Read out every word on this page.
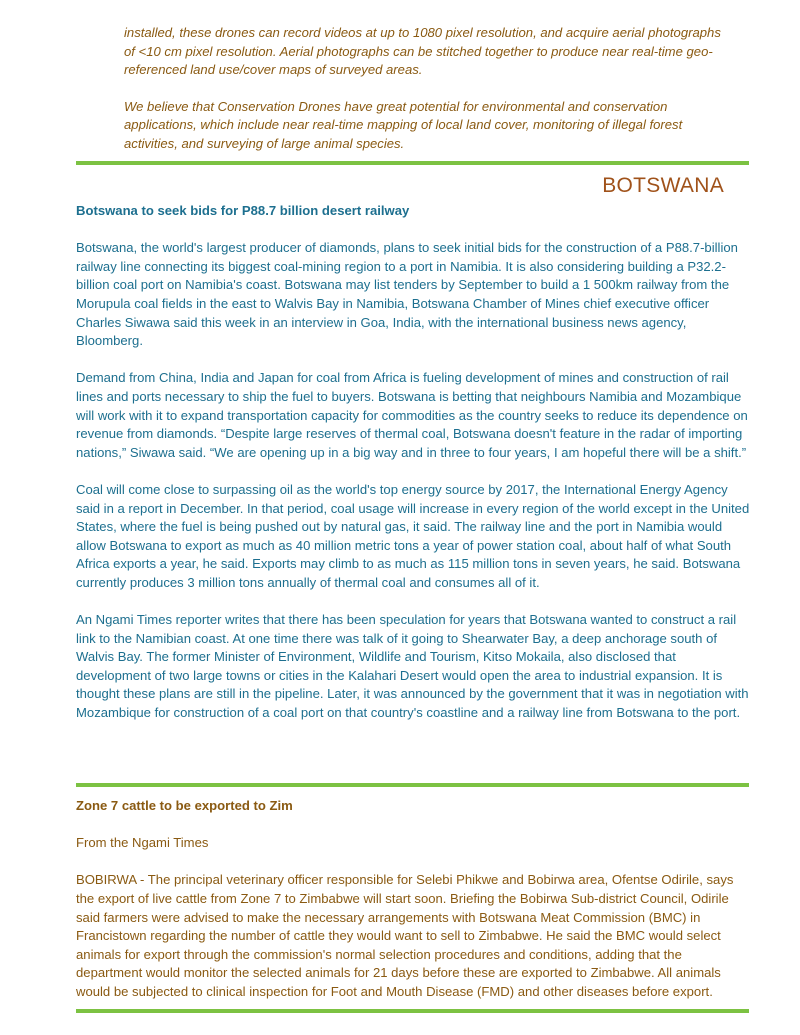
installed, these drones can record videos at up to 1080 pixel resolution, and acquire aerial photographs of <10 cm pixel resolution. Aerial photographs can be stitched together to produce near real-time geo-referenced land use/cover maps of surveyed areas.

We believe that Conservation Drones have great potential for environmental and conservation applications, which include near real-time mapping of local land cover, monitoring of illegal forest activities, and surveying of large animal species.

BOTSWANA

Botswana to seek bids for P88.7 billion desert railway

Botswana, the world's largest producer of diamonds, plans to seek initial bids for the construction of a P88.7-billion railway line connecting its biggest coal-mining region to a port in Namibia. It is also considering building a P32.2-billion coal port on Namibia's coast. Botswana may list tenders by September to build a 1 500km railway from the Morupula coal fields in the east to Walvis Bay in Namibia, Botswana Chamber of Mines chief executive officer Charles Siwawa said this week in an interview in Goa, India, with the international business news agency, Bloomberg.

Demand from China, India and Japan for coal from Africa is fueling development of mines and construction of rail lines and ports necessary to ship the fuel to buyers. Botswana is betting that neighbours Namibia and Mozambique will work with it to expand transportation capacity for commodities as the country seeks to reduce its dependence on revenue from diamonds. “Despite large reserves of thermal coal, Botswana doesn't feature in the radar of importing nations,” Siwawa said. “We are opening up in a big way and in three to four years, I am hopeful there will be a shift.”

Coal will come close to surpassing oil as the world's top energy source by 2017, the International Energy Agency said in a report in December. In that period, coal usage will increase in every region of the world except in the United States, where the fuel is being pushed out by natural gas, it said. The railway line and the port in Namibia would allow Botswana to export as much as 40 million metric tons a year of power station coal, about half of what South Africa exports a year, he said. Exports may climb to as much as 115 million tons in seven years, he said. Botswana currently produces 3 million tons annually of thermal coal and consumes all of it.

An Ngami Times reporter writes that there has been speculation for years that Botswana wanted to construct a rail link to the Namibian coast. At one time there was talk of it going to Shearwater Bay, a deep anchorage south of Walvis Bay. The former Minister of Environment, Wildlife and Tourism, Kitso Mokaila, also disclosed that development of two large towns or cities in the Kalahari Desert would open the area to industrial expansion. It is thought these plans are still in the pipeline. Later, it was announced by the government that it was in negotiation with Mozambique for construction of a coal port on that country's coastline and a railway line from Botswana to the port.

Zone 7 cattle to be exported to Zim

From the Ngami Times

BOBIRWA - The principal veterinary officer responsible for Selebi Phikwe and Bobirwa area, Ofentse Odirile, says the export of live cattle from Zone 7 to Zimbabwe will start soon. Briefing the Bobirwa Sub-district Council, Odirile said farmers were advised to make the necessary arrangements with Botswana Meat Commission (BMC) in Francistown regarding the number of cattle they would want to sell to Zimbabwe. He said the BMC would select animals for export through the commission's normal selection procedures and conditions, adding that the department would monitor the selected animals for 21 days before these are exported to Zimbabwe. All animals would be subjected to clinical inspection for Foot and Mouth Disease (FMD) and other diseases before export.
